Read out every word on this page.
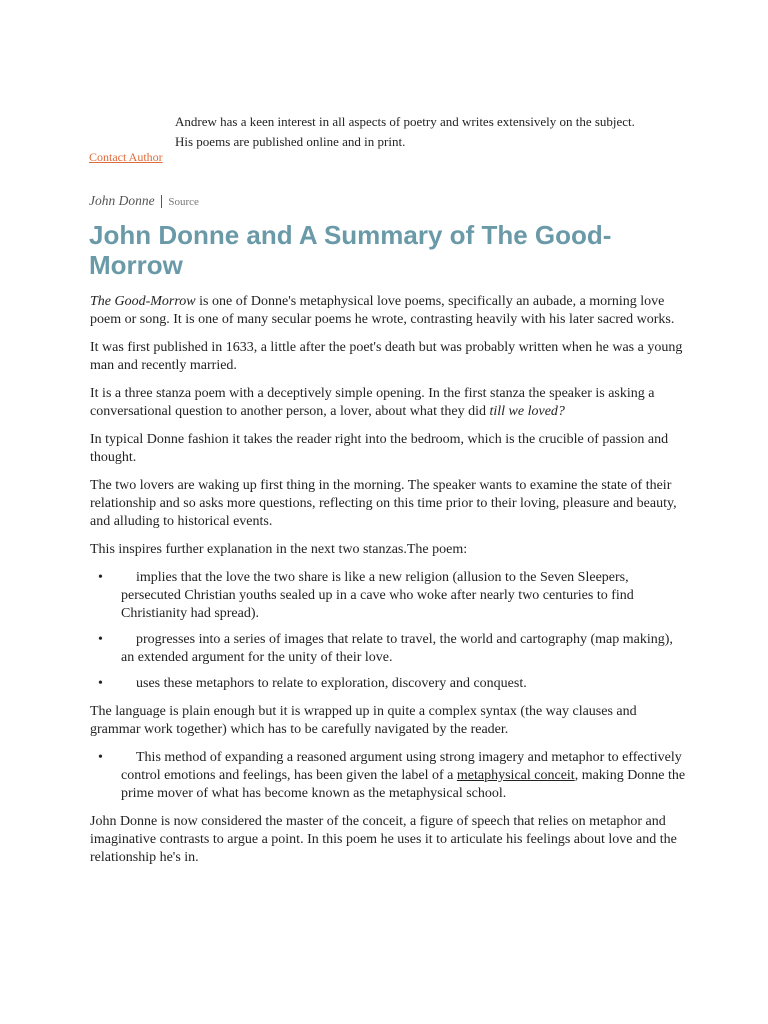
Andrew has a keen interest in all aspects of poetry and writes extensively on the subject.

His poems are published online and in print.

Contact Author
John Donne | Source
John Donne and A Summary of The Good-Morrow

The Good-Morrow is one of Donne's metaphysical love poems, specifically an aubade, a morning love poem or song. It is one of many secular poems he wrote, contrasting heavily with his later sacred works.

It was first published in 1633, a little after the poet's death but was probably written when he was a young man and recently married.

It is a three stanza poem with a deceptively simple opening. In the first stanza the speaker is asking a conversational question to another person, a lover, about what they did till we loved?

In typical Donne fashion it takes the reader right into the bedroom, which is the crucible of passion and thought.

The two lovers are waking up first thing in the morning. The speaker wants to examine the state of their relationship and so asks more questions, reflecting on this time prior to their loving, pleasure and beauty, and alluding to historical events.

This inspires further explanation in the next two stanzas.The poem:

•	implies that the love the two share is like a new religion (allusion to the Seven Sleepers, persecuted Christian youths sealed up in a cave who woke after nearly two centuries to find Christianity had spread).
•	progresses into a series of images that relate to travel, the world and cartography (map making), an extended argument for the unity of their love.
•	uses these metaphors to relate to exploration, discovery and conquest.

The language is plain enough but it is wrapped up in quite a complex syntax (the way clauses and grammar work together) which has to be carefully navigated by the reader.

•	This method of expanding a reasoned argument using strong imagery and metaphor to effectively control emotions and feelings, has been given the label of a metaphysical conceit, making Donne the prime mover of what has become known as the metaphysical school.

John Donne is now considered the master of the conceit, a figure of speech that relies on metaphor and imaginative contrasts to argue a point. In this poem he uses it to articulate his feelings about love and the relationship he's in.
